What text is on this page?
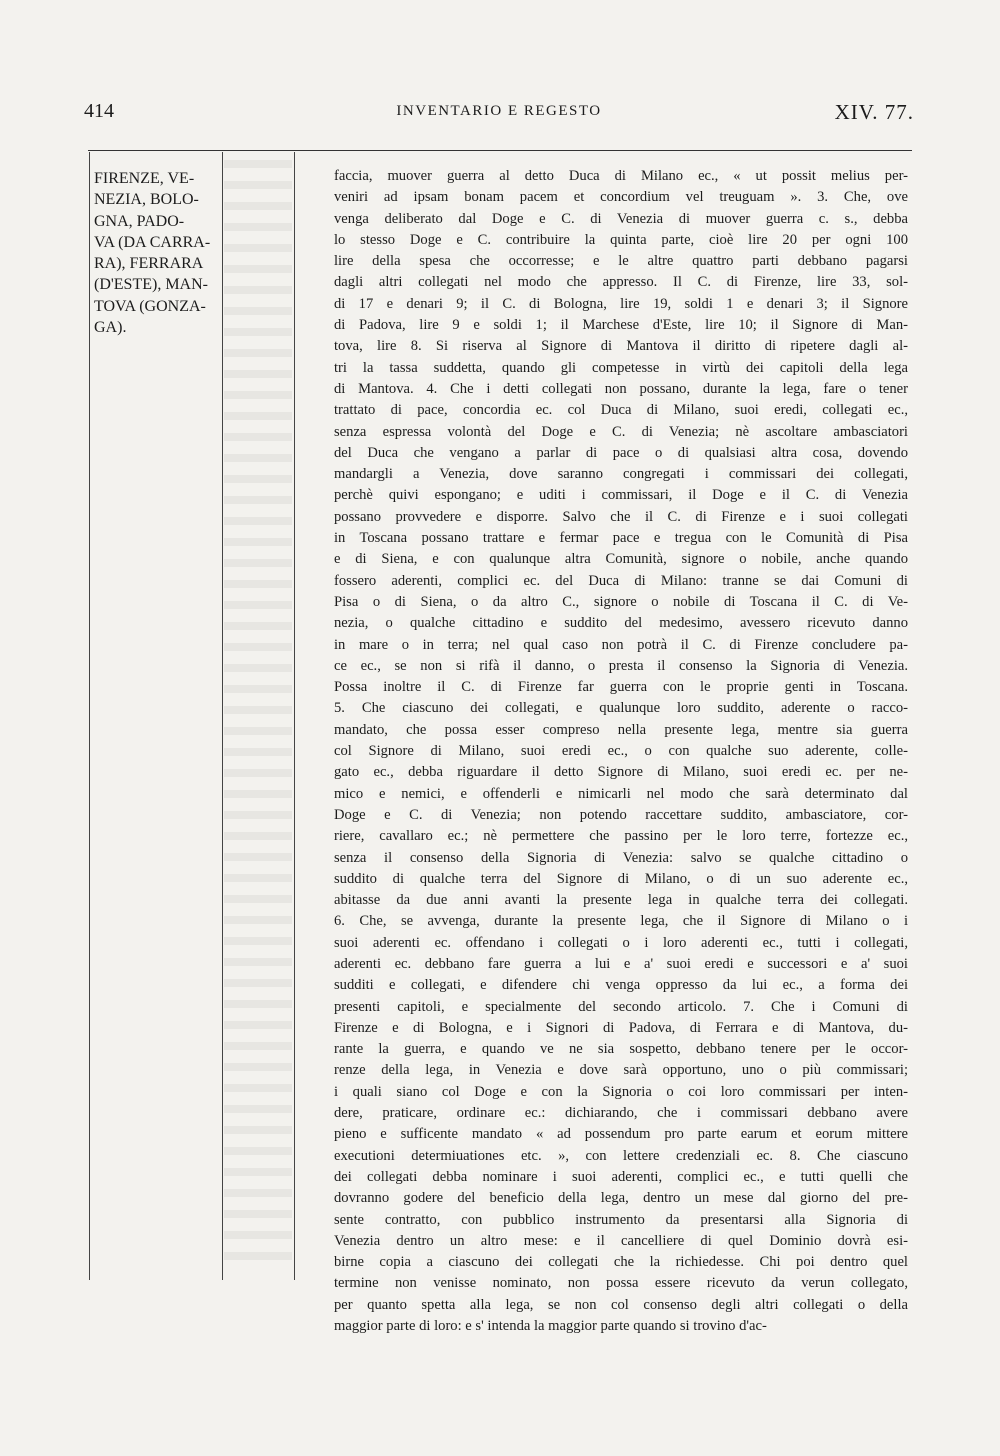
414	INVENTARIO E REGESTO	XIV. 77.
FIRENZE, VE-
NEZIA, BOLO-
GNA, PADO-
VA (DA CARRA-
RA), FERRARA
(D'ESTE), MAN-
TOVA (GONZA-
GA).
faccia, muover guerra al detto Duca di Milano ec., « ut possit melius per-
veniri ad ipsam bonam pacem et concordium vel treuguam ». 3. Che, ove
venga deliberato dal Doge e C. di Venezia di muover guerra c. s., debba
lo stesso Doge e C. contribuire la quinta parte, cioè lire 20 per ogni 100
lire della spesa che occorresse; e le altre quattro parti debbano pagarsi
dagli altri collegati nel modo che appresso. Il C. di Firenze, lire 33, sol-
di 17 e denari 9; il C. di Bologna, lire 19, soldi 1 e denari 3; il Signore
di Padova, lire 9 e soldi 1; il Marchese d'Este, lire 10; il Signore di Man-
tova, lire 8. Si riserva al Signore di Mantova il diritto di ripetere dagli al-
tri la tassa suddetta, quando gli competesse in virtù dei capitoli della lega
di Mantova. 4. Che i detti collegati non possano, durante la lega, fare o tener
trattato di pace, concordia ec. col Duca di Milano, suoi eredi, collegati ec.,
senza espressa volontà del Doge e C. di Venezia; nè ascoltare ambasciatori
del Duca che vengano a parlar di pace o di qualsiasi altra cosa, dovendo
mandargli a Venezia, dove saranno congregati i commissari dei collegati,
perchè quivi espongano; e uditi i commissari, il Doge e il C. di Venezia
possano provvedere e disporre. Salvo che il C. di Firenze e i suoi collegati
in Toscana possano trattare e fermar pace e tregua con le Comunità di Pisa
e di Siena, e con qualunque altra Comunità, signore o nobile, anche quando
fossero aderenti, complici ec. del Duca di Milano: tranne se dai Comuni di
Pisa o di Siena, o da altro C., signore o nobile di Toscana il C. di Ve-
nezia, o qualche cittadino e suddito del medesimo, avessero ricevuto danno
in mare o in terra; nel qual caso non potrà il C. di Firenze concludere pa-
ce ec., se non si rifà il danno, o presta il consenso la Signoria di Venezia.
Possa inoltre il C. di Firenze far guerra con le proprie genti in Toscana.
5. Che ciascuno dei collegati, e qualunque loro suddito, aderente o racco-
mandato, che possa esser compreso nella presente lega, mentre sia guerra
col Signore di Milano, suoi eredi ec., o con qualche suo aderente, colle-
gato ec., debba riguardare il detto Signore di Milano, suoi eredi ec. per ne-
mico e nemici, e offenderli e nimicarli nel modo che sarà determinato dal
Doge e C. di Venezia; non potendo raccettare suddito, ambasciatore, cor-
riere, cavallaro ec.; nè permettere che passino per le loro terre, fortezze ec.,
senza il consenso della Signoria di Venezia: salvo se qualche cittadino o
suddito di qualche terra del Signore di Milano, o di un suo aderente ec.,
abitasse da due anni avanti la presente lega in qualche terra dei collegati.
6. Che, se avvenga, durante la presente lega, che il Signore di Milano o i
suoi aderenti ec. offendano i collegati o i loro aderenti ec., tutti i collegati,
aderenti ec. debbano fare guerra a lui e a' suoi eredi e successori e a' suoi
sudditi e collegati, e difendere chi venga oppresso da lui ec., a forma dei
presenti capitoli, e specialmente del secondo articolo. 7. Che i Comuni di
Firenze e di Bologna, e i Signori di Padova, di Ferrara e di Mantova, du-
rante la guerra, e quando ve ne sia sospetto, debbano tenere per le occor-
renze della lega, in Venezia e dove sarà opportuno, uno o più commissari;
i quali siano col Doge e con la Signoria o coi loro commissari per inten-
dere, praticare, ordinare ec.: dichiarando, che i commissari debbano avere
pieno e sufficente mandato « ad possendum pro parte earum et eorum mittere
executioni determiuationes etc. », con lettere credenziali ec. 8. Che ciascuno
dei collegati debba nominare i suoi aderenti, complici ec., e tutti quelli che
dovranno godere del beneficio della lega, dentro un mese dal giorno del pre-
sente contratto, con pubblico instrumento da presentarsi alla Signoria di
Venezia dentro un altro mese: e il cancelliere di quel Dominio dovrà esi-
birne copia a ciascuno dei collegati che la richiedesse. Chi poi dentro quel
termine non venisse nominato, non possa essere ricevuto da verun collegato,
per quanto spetta alla lega, se non col consenso degli altri collegati o della
maggior parte di loro: e s' intenda la maggior parte quando si trovino d'ac-
